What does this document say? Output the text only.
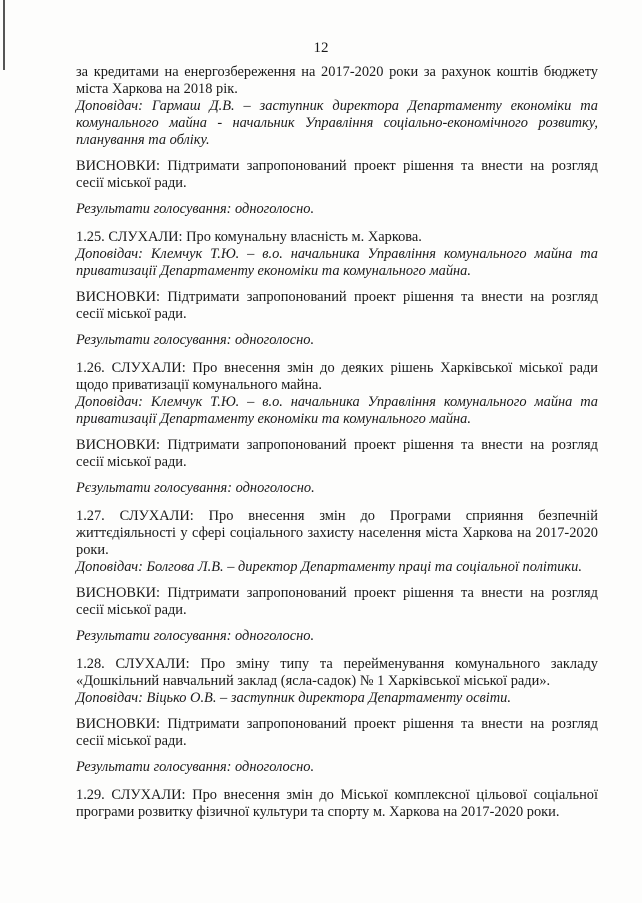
12

за кредитами на енергозбереження на 2017-2020 роки за рахунок коштів бюджету міста Харкова на 2018 рік.

Доповідач: Гармаш Д.В. – заступник директора Департаменту економіки та комунального майна - начальник Управління соціально-економічного розвитку, планування та обліку.

ВИСНОВКИ: Підтримати запропонований проект рішення та внести на розгляд сесії міської ради.

Результати голосування: одноголосно.

1.25. СЛУХАЛИ: Про комунальну власність м. Харкова.

Доповідач: Клемчук Т.Ю. – в.о. начальника Управління комунального майна та приватизації Департаменту економіки та комунального майна.

ВИСНОВКИ: Підтримати запропонований проект рішення та внести на розгляд сесії міської ради.

Результати голосування: одноголосно.

1.26. СЛУХАЛИ: Про внесення змін до деяких рішень Харківської міської ради щодо приватизації комунального майна.

Доповідач: Клемчук Т.Ю. – в.о. начальника Управління комунального майна та приватизації Департаменту економіки та комунального майна.

ВИСНОВКИ: Підтримати запропонований проект рішення та внести на розгляд сесії міської ради.

Рєзультати голосування: одноголосно.

1.27. СЛУХАЛИ: Про внесення змін до Програми сприяння безпечній життєдіяльності у сфері соціального захисту населення міста Харкова на 2017-2020 роки.

Доповідач: Болгова Л.В. – директор Департаменту праці та соціальної політики.

ВИСНОВКИ: Підтримати запропонований проект рішення та внести на розгляд сесії міської ради.

Результати голосування: одноголосно.

1.28. СЛУХАЛИ: Про зміну типу та перейменування комунального закладу «Дошкільний навчальний заклад (ясла-садок) № 1 Харківської міської ради».

Доповідач: Віцько О.В. – заступник директора Департаменту освіти.

ВИСНОВКИ: Підтримати запропонований проект рішення та внести на розгляд сесії міської ради.

Результати голосування: одноголосно.

1.29. СЛУХАЛИ: Про внесення змін до Міської комплексної цільової соціальної програми розвитку фізичної культури та спорту м. Харкова на 2017-2020 роки.
